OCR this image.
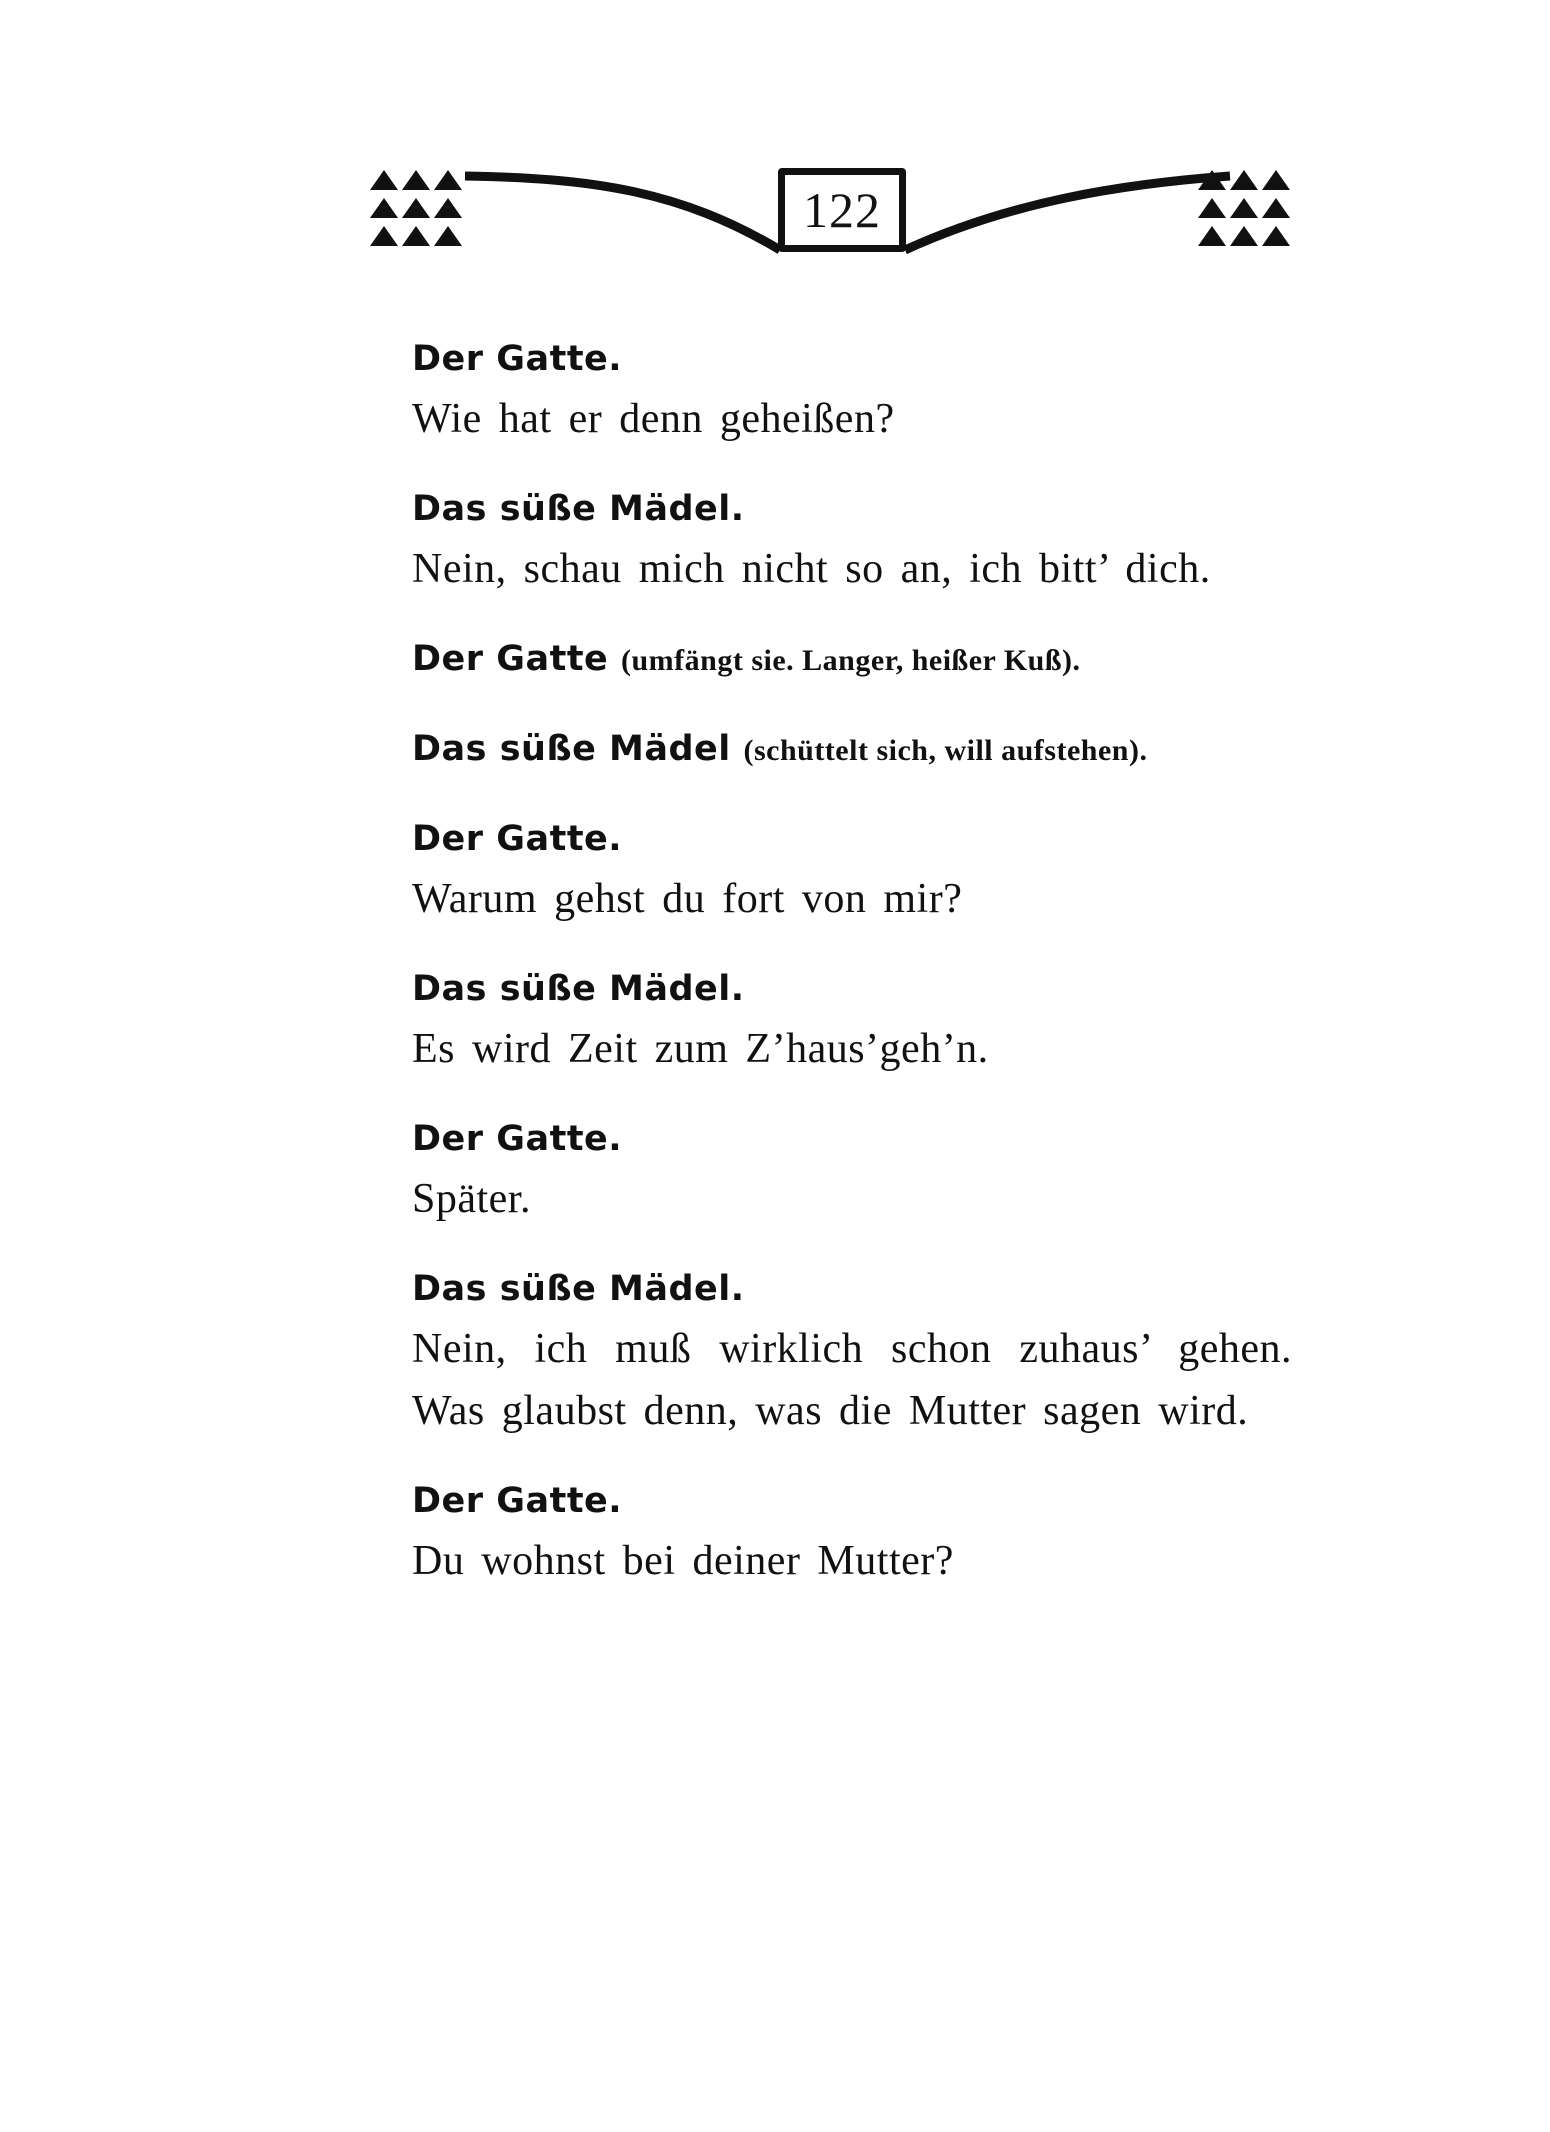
122
Der Gatte.
Wie hat er denn geheißen?
Das süße Mädel.
Nein, schau mich nicht so an, ich bitt’ dich.
Der Gatte (umfängt sie. Langer, heißer Kuß).
Das süße Mädel (schüttelt sich, will aufstehen).
Der Gatte.
Warum gehst du fort von mir?
Das süße Mädel.
Es wird Zeit zum Z’haus’geh’n.
Der Gatte.
Später.
Das süße Mädel.
Nein, ich muß wirklich schon zuhaus’ gehen. Was glaubst denn, was die Mutter sagen wird.
Der Gatte.
Du wohnst bei deiner Mutter?
